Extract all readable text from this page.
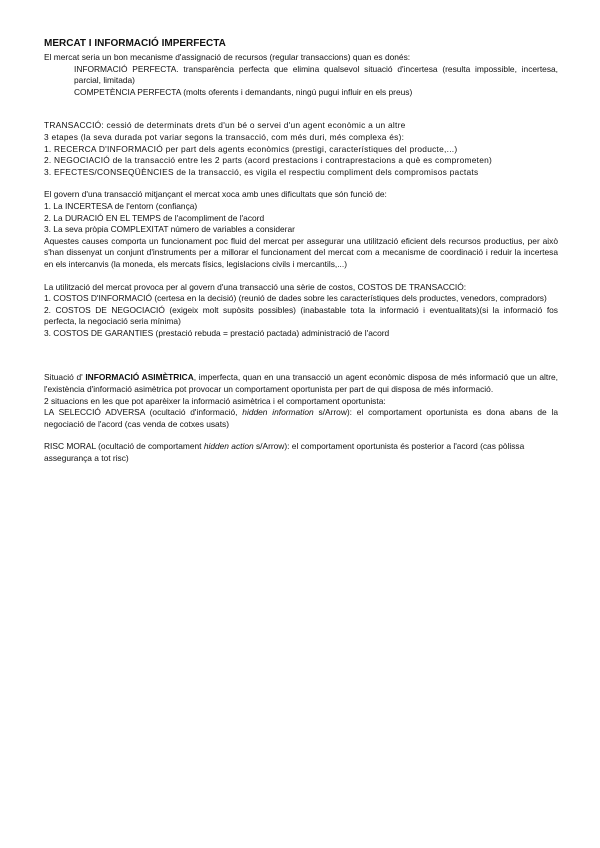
MERCAT I INFORMACIÓ IMPERFECTA

El mercat seria un bon mecanisme d'assignació de recursos (regular transaccions) quan es donés:

INFORMACIÓ PERFECTA. transparència perfecta que elimina qualsevol situació d'incertesa (resulta impossible, incertesa, parcial, limitada)

COMPETÈNCIA PERFECTA (molts oferents i demandants, ningú pugui influir en els preus)

TRANSACCIÓ: cessió de determinats drets d'un bé o servei d'un agent econòmic a un altre

3 etapes (la seva durada pot variar segons la transacció, com més duri, més complexa és):

1. RECERCA D'INFORMACIÓ per part dels agents econòmics (prestigi, característiques del producte,...)

2. NEGOCIACIÓ de la transacció entre les 2 parts (acord prestacions i contraprestacions a què es comprometen)

3. EFECTES/CONSEQÜÈNCIES de la transacció, es vigila el respectiu compliment dels compromisos pactats

El govern d'una transacció mitjançant el mercat xoca amb unes dificultats que són funció de:

1. La INCERTESA de l'entorn (confiança)

2. La DURACIÓ EN EL TEMPS de l'acompliment de l'acord

3. La seva pròpia COMPLEXITAT número de variables a considerar

Aquestes causes comporta un funcionament poc fluid del mercat per assegurar una utilització eficient dels recursos productius, per això s'han dissenyat un conjunt d'instruments per a millorar el funcionament del mercat com a mecanisme de coordinació i reduir la incertesa en els intercanvis (la moneda, els mercats físics, legislacions civils i mercantils,...)

La utilització del mercat provoca per al govern d'una transacció una sèrie de costos, COSTOS DE TRANSACCIÓ:

1. COSTOS D'INFORMACIÓ (certesa en la decisió) (reunió de dades sobre les característiques dels productes, venedors, compradors)

2. COSTOS DE NEGOCIACIÓ (exigeix molt supòsits possibles) (inabastable tota la informació i eventualitats)(si la informació fos perfecta, la negociació seria mínima)

3. COSTOS DE GARANTIES (prestació rebuda = prestació pactada) administració de l'acord

Situació d' INFORMACIÓ ASIMÈTRICA, imperfecta, quan en una transacció un agent econòmic disposa de més informació que un altre, l'existència d'informació asimètrica pot provocar un comportament oportunista per part de qui disposa de més informació.

2 situacions en les que pot aparèixer la informació asimètrica i el comportament oportunista:

LA SELECCIÓ ADVERSA (ocultació d'informació, hidden information s/Arrow): el comportament oportunista es dona abans de la negociació de l'acord (cas venda de cotxes usats)

RISC MORAL (ocultació de comportament hidden action s/Arrow): el comportament oportunista és posterior a l'acord (cas pòlissa assegurança a tot risc)
